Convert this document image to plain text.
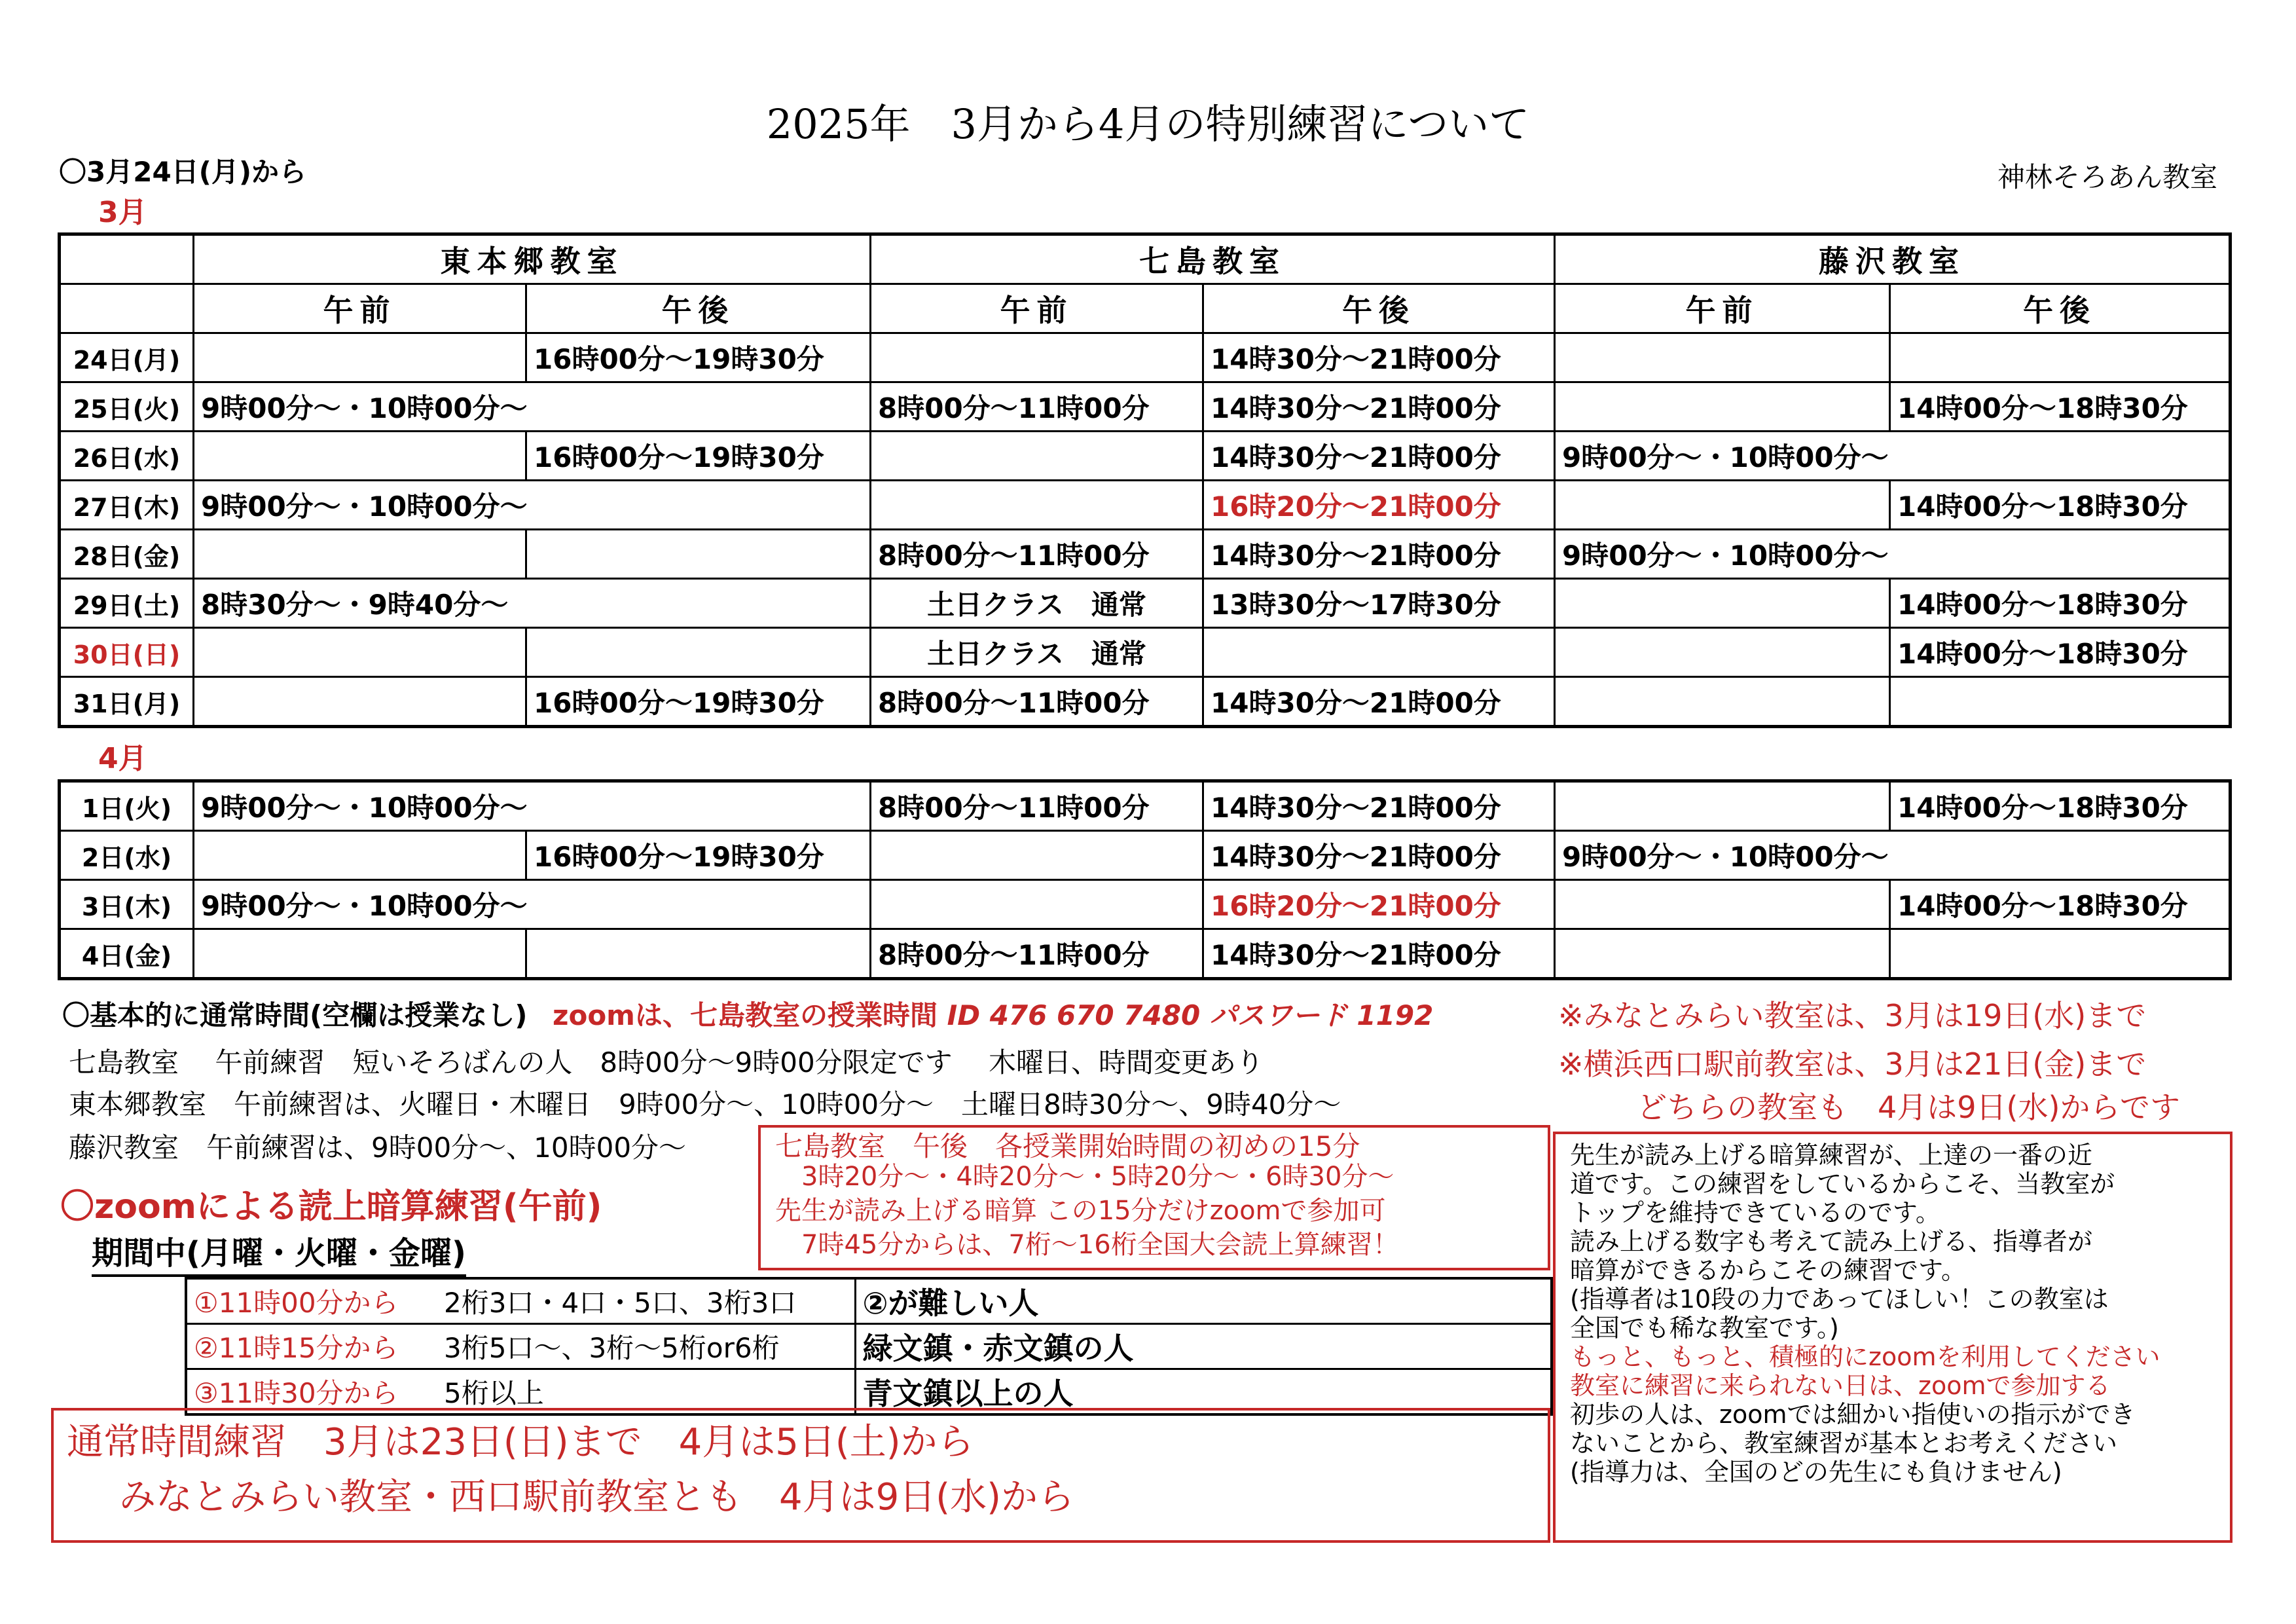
2025年　3月から4月の特別練習について
〇3月24日(月)から	神林そろあん教室
3月
	東本郷教室		七島教室		藤沢教室	
	午前	午後	午前	午後	午前	午後
24日(月)		16時00分～19時30分		14時30分～21時00分		
25日(火)	9時00分～・10時00分～		8時00分～11時00分	14時30分～21時00分		14時00分～18時30分
26日(水)		16時00分～19時30分		14時30分～21時00分	9時00分～・10時00分～	
27日(木)	9時00分～・10時00分～			16時20分～21時00分		14時00分～18時30分
28日(金)			8時00分～11時00分	14時30分～21時00分	9時00分～・10時00分～	
29日(土)	8時30分～・9時40分～		土日クラス　通常	13時30分～17時30分		14時00分～18時30分
30日(日)			土日クラス　通常			14時00分～18時30分
31日(月)		16時00分～19時30分	8時00分～11時00分	14時30分～21時00分		
4月
1日(火)	9時00分～・10時00分～		8時00分～11時00分	14時30分～21時00分		14時00分～18時30分
2日(水)		16時00分～19時30分		14時30分～21時00分	9時00分～・10時00分～	
3日(木)	9時00分～・10時00分～			16時20分～21時00分		14時00分～18時30分
4日(金)			8時00分～11時00分	14時30分～21時00分		
〇基本的に通常時間(空欄は授業なし) zoomは、七島教室の授業時間 ID 476 670 7480 パスワード 1192
七島教室　 午前練習　短いそろばんの人　8時00分～9時00分限定です　 木曜日、時間変更あり
東本郷教室　午前練習は、火曜日・木曜日　9時00分～、10時00分～　土曜日8時30分～、9時40分～
藤沢教室　午前練習は、9時00分～、10時00分～
※みなとみらい教室は、3月は19日(水)まで
※横浜西口駅前教室は、3月は21日(金)まで
どちらの教室も　4月は9日(水)からです
七島教室　午後　各授業開始時間の初めの15分
3時20分～・4時20分～・5時20分～・6時30分～
先生が読み上げる暗算 この15分だけzoomで参加可
7時45分からは、7桁～16桁全国大会読上算練習！
〇zoomによる読上暗算練習(午前)
期間中(月曜・火曜・金曜)
①11時00分から	2桁3口・4口・5口、3桁3口	②が難しい人
②11時15分から	3桁5口～、3桁～5桁or6桁	緑文鎮・赤文鎮の人
③11時30分から	5桁以上	青文鎮以上の人
通常時間練習　3月は23日(日)まで　4月は5日(土)から
みなとみらい教室・西口駅前教室とも　4月は9日(水)から
先生が読み上げる暗算練習が、上達の一番の近
道です。この練習をしているからこそ、当教室が
トップを維持できているのです。
読み上げる数字も考えて読み上げる、指導者が
暗算ができるからこその練習です。
(指導者は10段の力であってほしい！この教室は
全国でも稀な教室です。)
もっと、もっと、積極的にzoomを利用してください
教室に練習に来られない日は、zoomで参加する
初歩の人は、zoomでは細かい指使いの指示ができ
ないことから、教室練習が基本とお考えください
(指導力は、全国のどの先生にも負けません)
